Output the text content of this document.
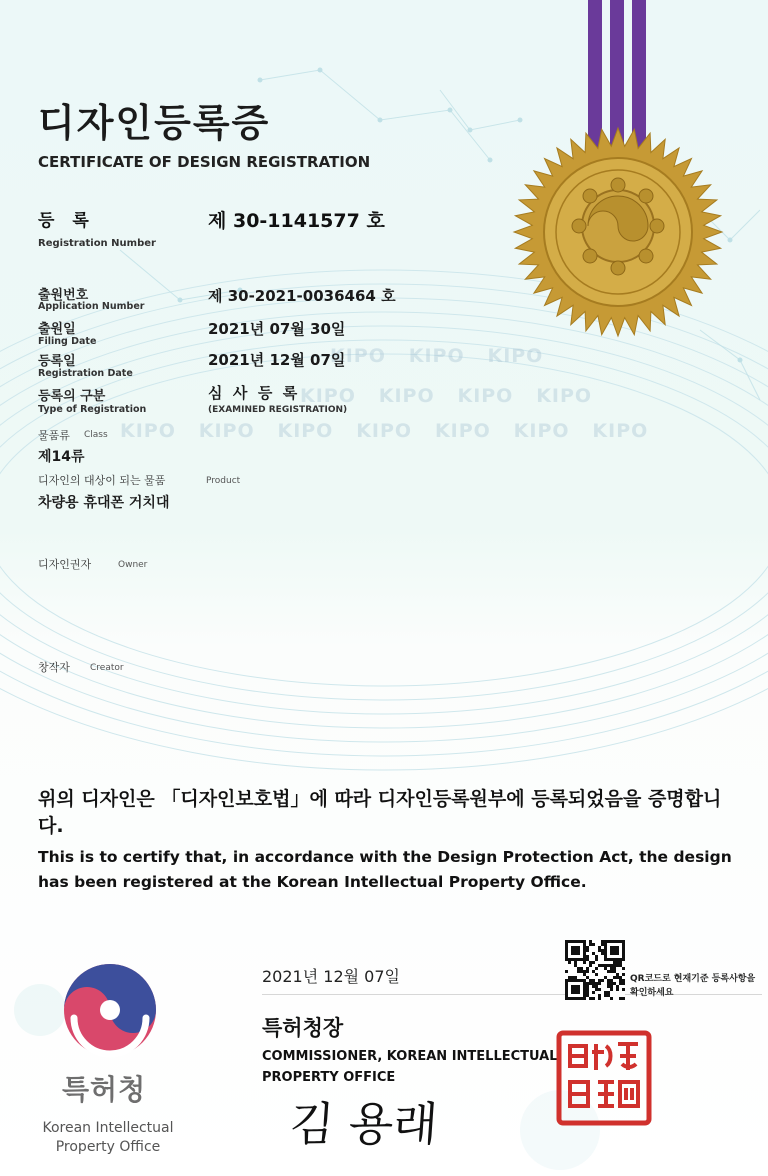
KIPO KIPO KIPO
KIPO KIPO KIPO KIPO
KIPO KIPO KIPO KIPO KIPO KIPO KIPO
디자인등록증
CERTIFICATE OF DESIGN REGISTRATION
등 록
Registration Number
제 30-1141577 호
출원번호
Application Number
제 30-2021-0036464 호
출원일
Filing Date
2021년 07월 30일
등록일
Registration Date
2021년 12월 07일
등록의 구분
Type of Registration
심  사  등  록
(EXAMINED REGISTRATION)
물품류 Class
제14류
디자인의 대상이 되는 물품	Product
차량용 휴대폰 거치대
디자인권자	Owner
창작자 Creator
위의 디자인은 「디자인보호법」에 따라 디자인등록원부에 등록되었음을 증명합니다.
This is to certify that, in accordance with the Design Protection Act, the design has been registered at the Korean Intellectual Property Office.
특허청
Korean Intellectual Property Office
2021년 12월 07일
특허청장
COMMISSIONER, KOREAN INTELLECTUAL PROPERTY OFFICE
김 용래
QR코드로 현재기준 등록사항을 확인하세요
